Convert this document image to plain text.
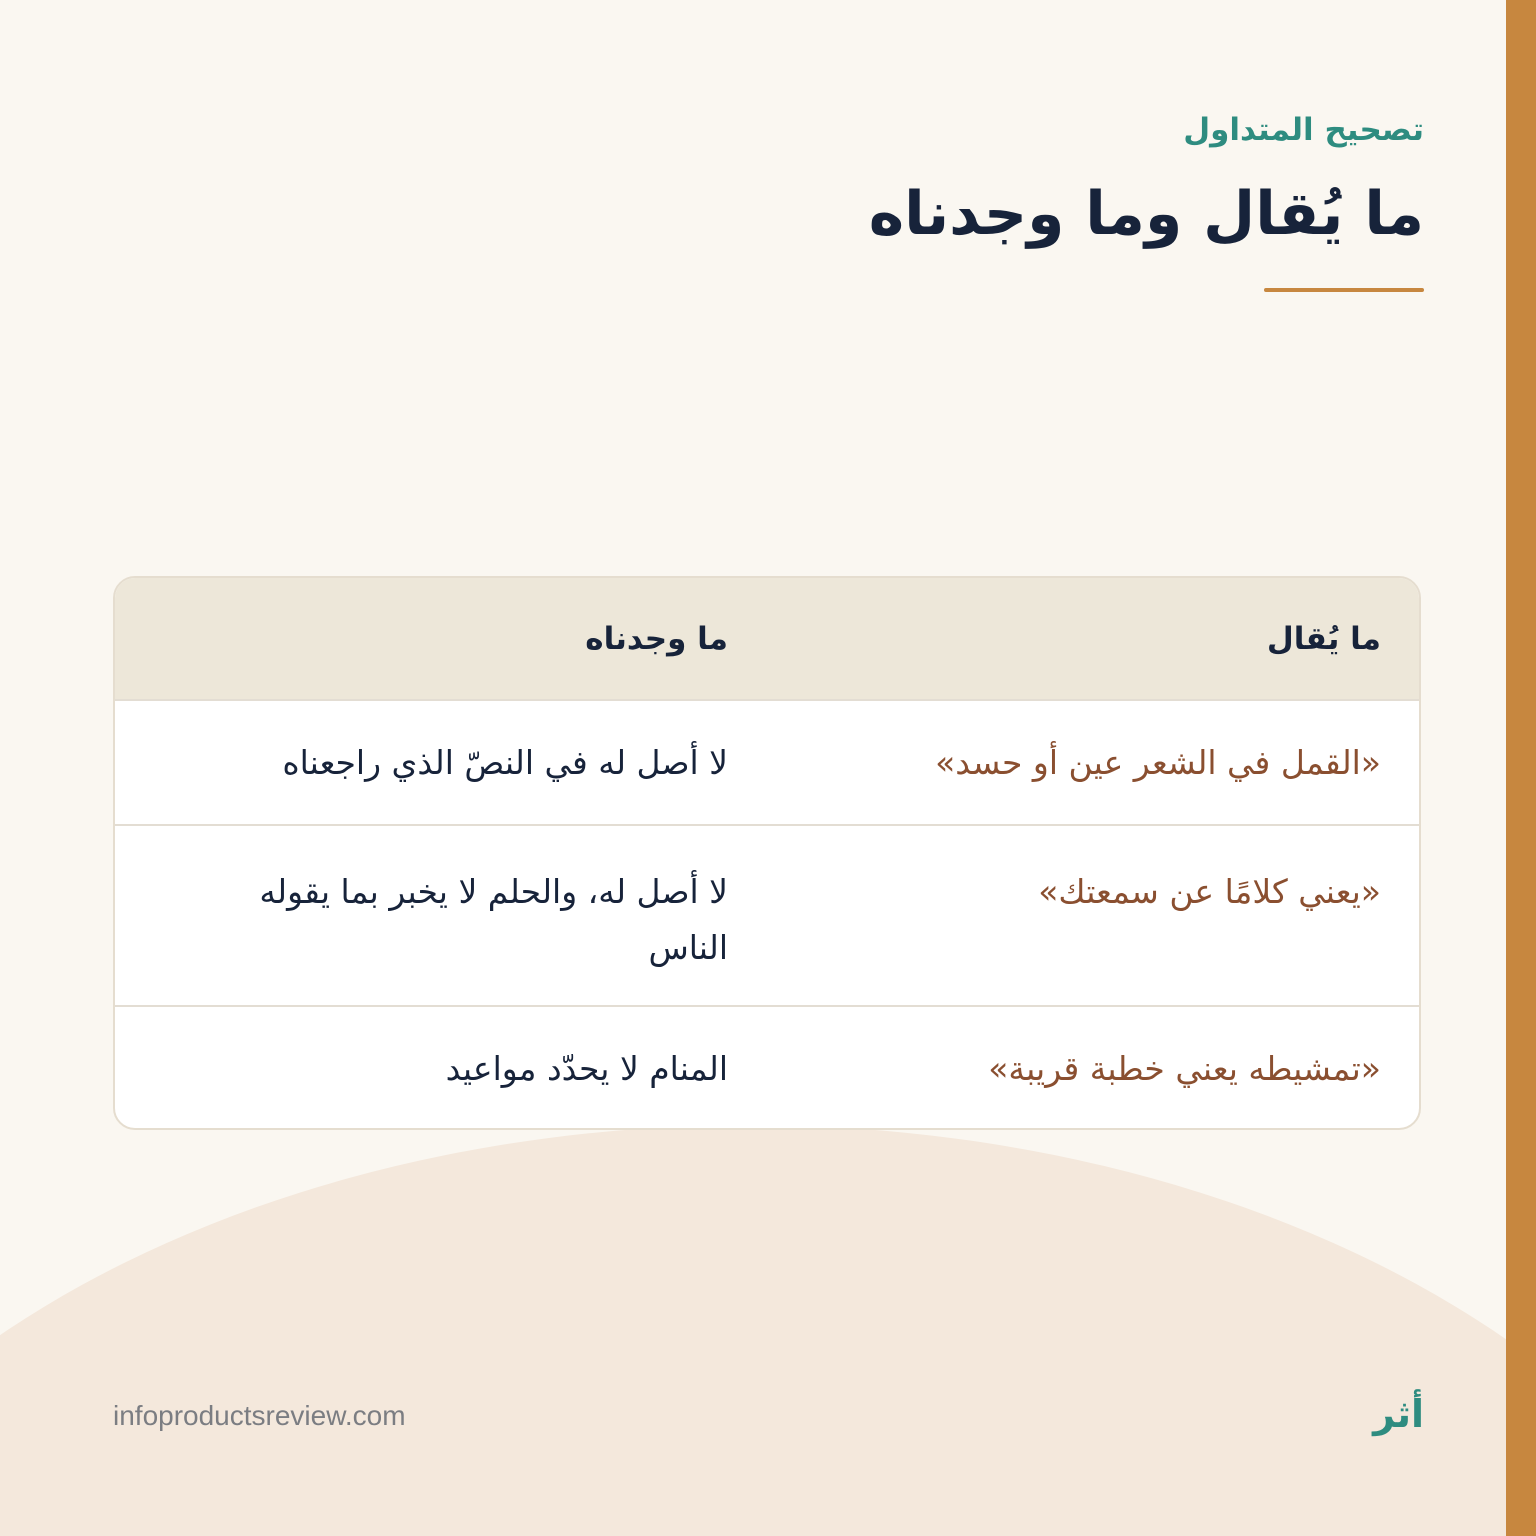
تصحيح المتداول
ما يُقال وما وجدناه
ما يُقال
ما وجدناه
«القمل في الشعر عين أو حسد»
لا أصل له في النصّ الذي راجعناه
«يعني كلامًا عن سمعتك»
لا أصل له، والحلم لا يخبر بما يقوله الناس
«تمشيطه يعني خطبة قريبة»
المنام لا يحدّد مواعيد
infoproductsreview.com	أثر
